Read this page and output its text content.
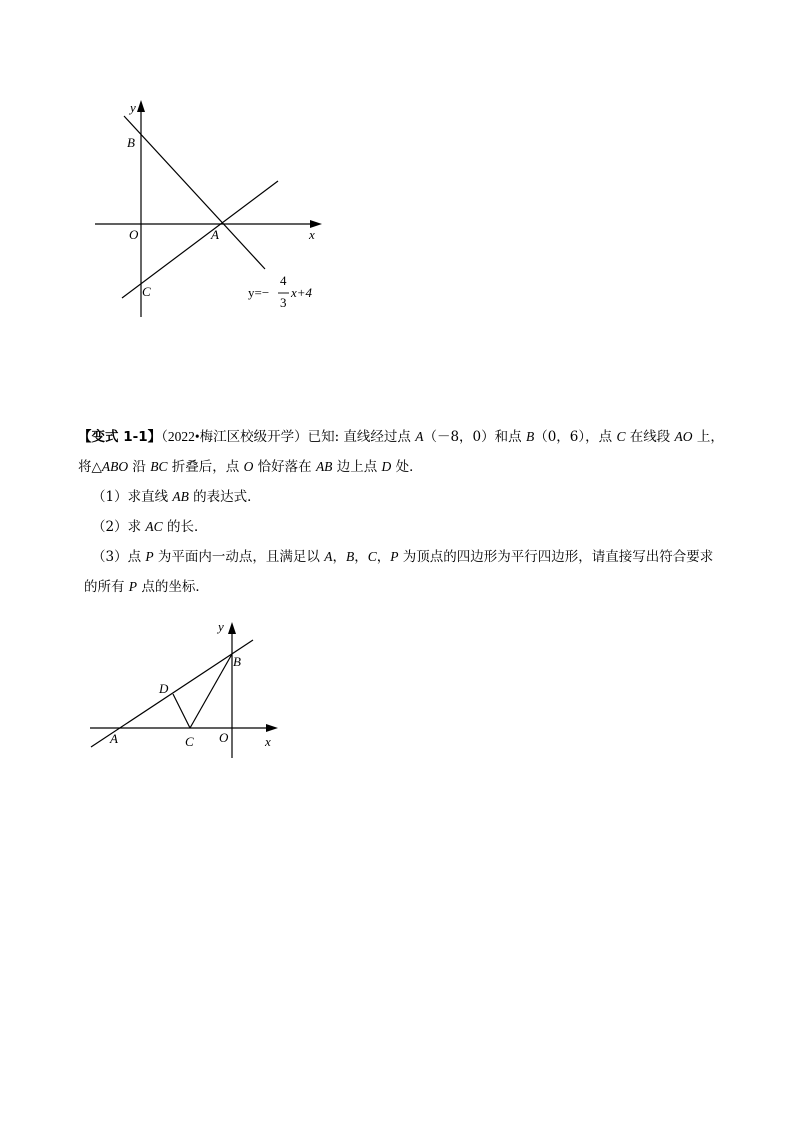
y
x
B
O	A
C	y=−
4
3
x+4

【变式 1-1】（2022•梅江区校级开学）已知: 直线经过点 A（－8，0）和点 B（0，6），点 C 在线段 AO 上，

将△ABO 沿 BC 折叠后，点 O 恰好落在 AB 边上点 D 处．

（1）求直线 AB 的表达式．

（2）求 AC 的长．

（3）点 P 为平面内一动点，且满足以 A，B，C，P 为顶点的四边形为平行四边形，请直接写出符合要求

的所有 P 点的坐标．

y
B
D
A	C O	x
